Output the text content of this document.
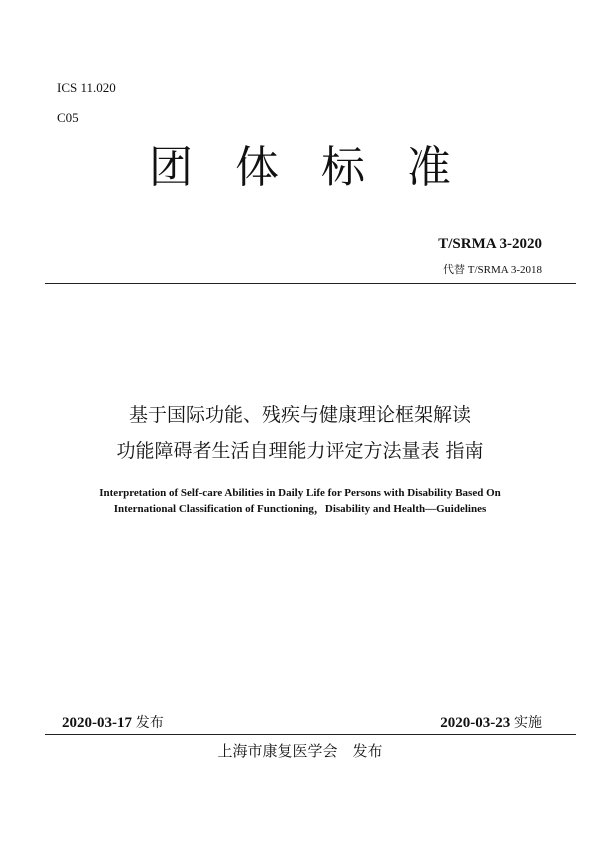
ICS 11.020
C05
团体标准
T/SRMA 3-2020
代替 T/SRMA 3-2018
基于国际功能、残疾与健康理论框架解读
功能障碍者生活自理能力评定方法量表 指南
Interpretation of Self-care Abilities in Daily Life for Persons with Disability Based On
International Classification of Functioning，Disability and Health—Guidelines
2020-03-17 发布	2020-03-23 实施
上海市康复医学会　发布
